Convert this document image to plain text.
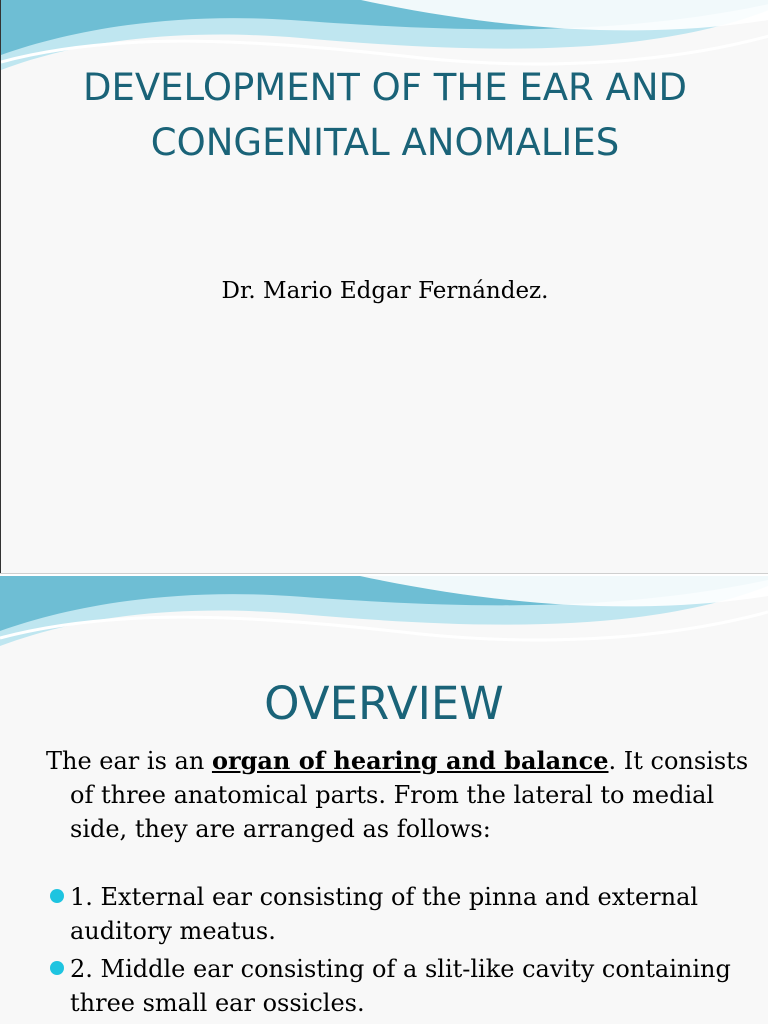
DEVELOPMENT OF THE EAR AND CONGENITAL ANOMALIES
Dr. Mario Edgar Fernández.
OVERVIEW
The ear is an organ of hearing and balance. It consists of three anatomical parts. From the lateral to medial side, they are arranged as follows:
1. External ear consisting of the pinna and external auditory meatus.
2. Middle ear consisting of a slit-like cavity containing three small ear ossicles.
